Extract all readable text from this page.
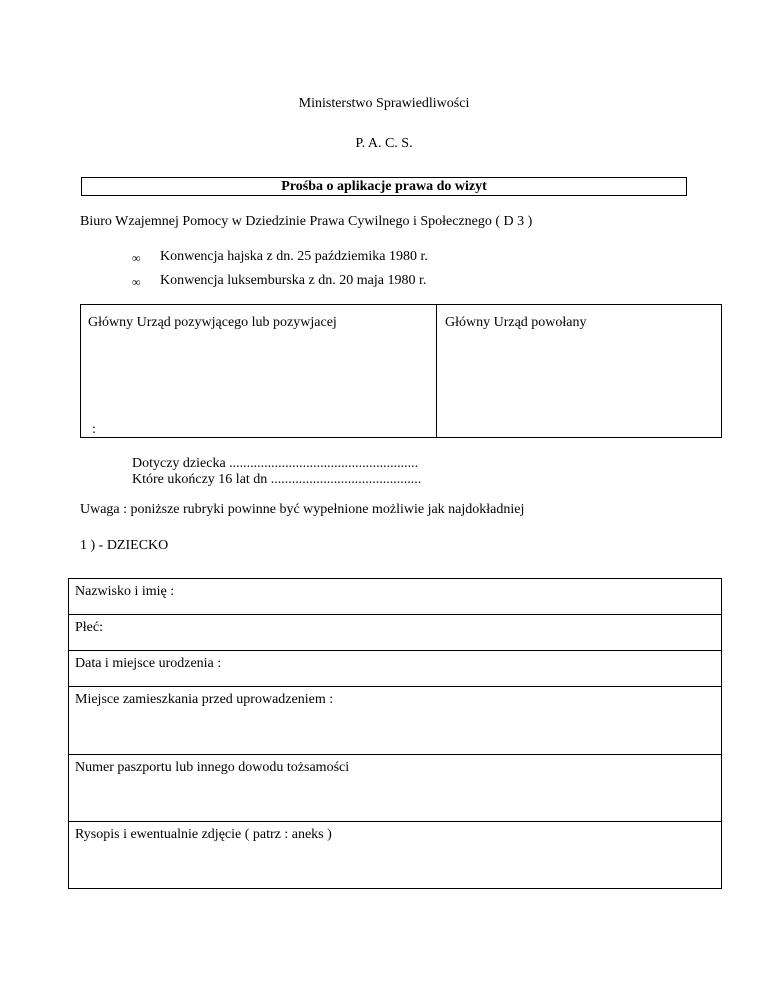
Ministerstwo Sprawiedliwości
P. A. C. S.
Prośba o aplikacje prawa do wizyt
Biuro Wzajemnej Pomocy w Dziedzinie Prawa Cywilnego i Społecznego ( D 3 )
∞	Konwencja hajska z dn. 25 paździemika 1980 r.
∞	Konwencja luksemburska z dn. 20 maja 1980 r.
Główny Urząd pozywjącego lub pozywjacej	Główny Urząd powołany
:
Dotyczy dziecka ......................................................
Które ukończy 16 lat dn ...........................................
Uwaga : poniższe rubryki powinne być wypełnione możliwie jak najdokładniej
1 ) - DZIECKO
Nazwisko i imię :
Płeć:
Data i miejsce urodzenia :
Miejsce zamieszkania przed uprowadzeniem :
Numer paszportu lub innego dowodu tożsamości
Rysopis i ewentualnie zdjęcie ( patrz : aneks )
